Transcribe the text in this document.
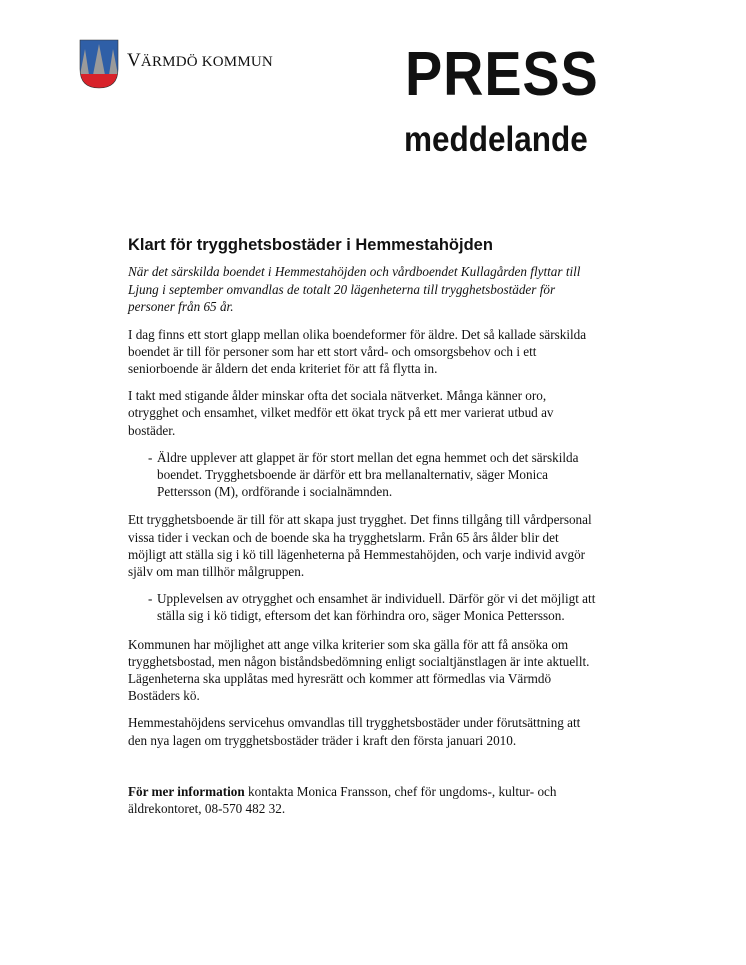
VÄRMDÖ KOMMUN PRESS
meddelande
Klart för trygghetsbostäder i Hemmestahöjden

När det särskilda boendet i Hemmestahöjden och vårdboendet Kullagården flyttar till Ljung i september omvandlas de totalt 20 lägenheterna till trygghetsbostäder för personer från 65 år.

I dag finns ett stort glapp mellan olika boendeformer för äldre. Det så kallade särskilda boendet är till för personer som har ett stort vård- och omsorgsbehov och i ett seniorboende är åldern det enda kriteriet för att få flytta in.

I takt med stigande ålder minskar ofta det sociala nätverket. Många känner oro, otrygghet och ensamhet, vilket medför ett ökat tryck på ett mer varierat utbud av bostäder.

- Äldre upplever att glappet är för stort mellan det egna hemmet och det särskilda boendet. Trygghetsboende är därför ett bra mellanalternativ, säger Monica Pettersson (M), ordförande i socialnämnden.

Ett trygghetsboende är till för att skapa just trygghet. Det finns tillgång till vårdpersonal vissa tider i veckan och de boende ska ha trygghetslarm. Från 65 års ålder blir det möjligt att ställa sig i kö till lägenheterna på Hemmestahöjden, och varje individ avgör själv om man tillhör målgruppen.

- Upplevelsen av otrygghet och ensamhet är individuell. Därför gör vi det möjligt att ställa sig i kö tidigt, eftersom det kan förhindra oro, säger Monica Pettersson.

Kommunen har möjlighet att ange vilka kriterier som ska gälla för att få ansöka om trygghetsbostad, men någon biståndsbedömning enligt socialtjänstlagen är inte aktuellt. Lägenheterna ska upplåtas med hyresrätt och kommer att förmedlas via Värmdö Bostäders kö.

Hemmestahöjdens servicehus omvandlas till trygghetsbostäder under förutsättning att den nya lagen om trygghetsbostäder träder i kraft den första januari 2010.

För mer information kontakta Monica Fransson, chef för ungdoms-, kultur- och äldrekontoret, 08-570 482 32.
